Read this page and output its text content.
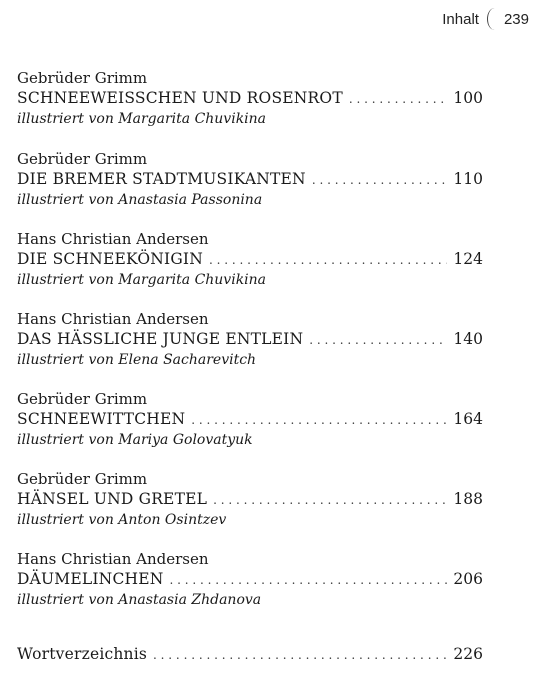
Inhalt 239
Gebrüder Grimm
SCHNEEWEISSCHEN UND ROSENROT . . .	100
illustriert von Margarita Chuvikina
Gebrüder Grimm
DIE BREMER STADTMUSIKANTEN . . .	110
illustriert von Anastasia Passonina
Hans Christian Andersen
DIE SCHNEEKÖNIGIN . . .	124
illustriert von Margarita Chuvikina
Hans Christian Andersen
DAS HÄSSLICHE JUNGE ENTLEIN . . .	140
illustriert von Elena Sacharevitch
Gebrüder Grimm
SCHNEEWITTCHEN . . .	164
illustriert von Mariya Golovatyuk
Gebrüder Grimm
HÄNSEL UND GRETEL . . .	188
illustriert von Anton Osintzev
Hans Christian Andersen
DÄUMELINCHEN . . .	206
illustriert von Anastasia Zhdanova
Wortverzeichnis . . .	226
